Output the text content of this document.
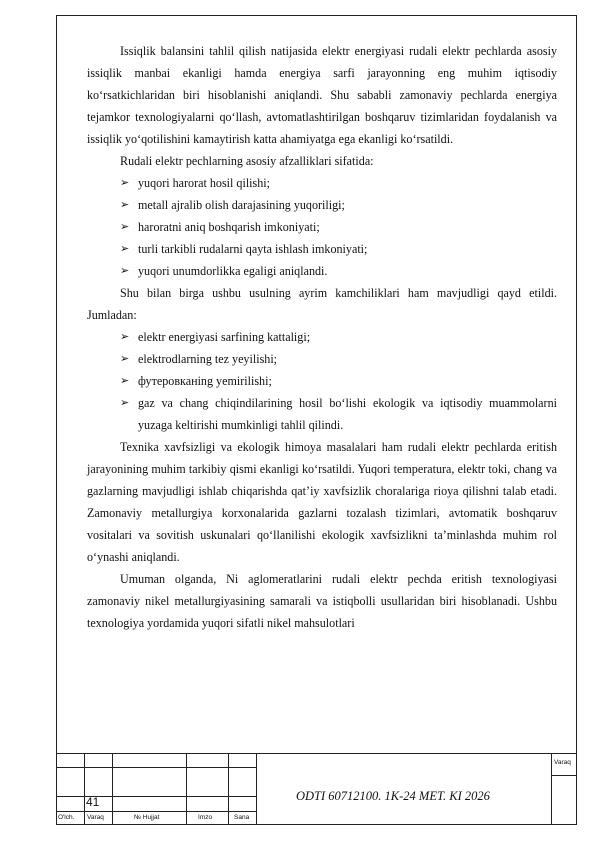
Issiqlik balansini tahlil qilish natijasida elektr energiyasi rudali elektr pechlarda asosiy issiqlik manbai ekanligi hamda energiya sarfi jarayonning eng muhim iqtisodiy ko‘rsatkichlaridan biri hisoblanishi aniqlandi. Shu sababli zamonaviy pechlarda energiya tejamkor texnologiyalarni qo‘llash, avtomatlashtirilgan boshqaruv tizimlaridan foydalanish va issiqlik yo‘qotilishini kamaytirish katta ahamiyatga ega ekanligi ko‘rsatildi.

Rudali elektr pechlarning asosiy afzalliklari sifatida:

➢ yuqori harorat hosil qilishi;
➢ metall ajralib olish darajasining yuqoriligi;
➢ haroratni aniq boshqarish imkoniyati;
➢ turli tarkibli rudalarni qayta ishlash imkoniyati;
➢ yuqori unumdorlikka egaligi aniqlandi.

Shu bilan birga ushbu usulning ayrim kamchiliklari ham mavjudligi qayd etildi. Jumladan:

➢ elektr energiyasi sarfining kattaligi;
➢ elektrodlarning tez yeyilishi;
➢ футеровканing yemirilishi;
➢ gaz va chang chiqindilarining hosil bo‘lishi ekologik va iqtisodiy muammolarni yuzaga keltirishi mumkinligi tahlil qilindi.

Texnika xavfsizligi va ekologik himoya masalalari ham rudali elektr pechlarda eritish jarayonining muhim tarkibiy qismi ekanligi ko‘rsatildi. Yuqori temperatura, elektr toki, chang va gazlarning mavjudligi ishlab chiqarishda qat’iy xavfsizlik choralariga rioya qilishni talab etadi. Zamonaviy metallurgiya korxonalarida gazlarni tozalash tizimlari, avtomatik boshqaruv vositalari va sovitish uskunalari qo‘llanilishi ekologik xavfsizlikni ta’minlashda muhim rol o‘ynashi aniqlandi.

Umuman olganda, Ni aglomeratlarini rudali elektr pechda eritish texnologiyasi zamonaviy nikel metallurgiyasining samarali va istiqbolli usullaridan biri hisoblanadi. Ushbu texnologiya yordamida yuqori sifatli nikel mahsulotlari

41	ODTI 60712100. 1K-24 MET. KI 2026
Varaq
O'lch. Varaq	№ Hujjat	Imzo	Sana
